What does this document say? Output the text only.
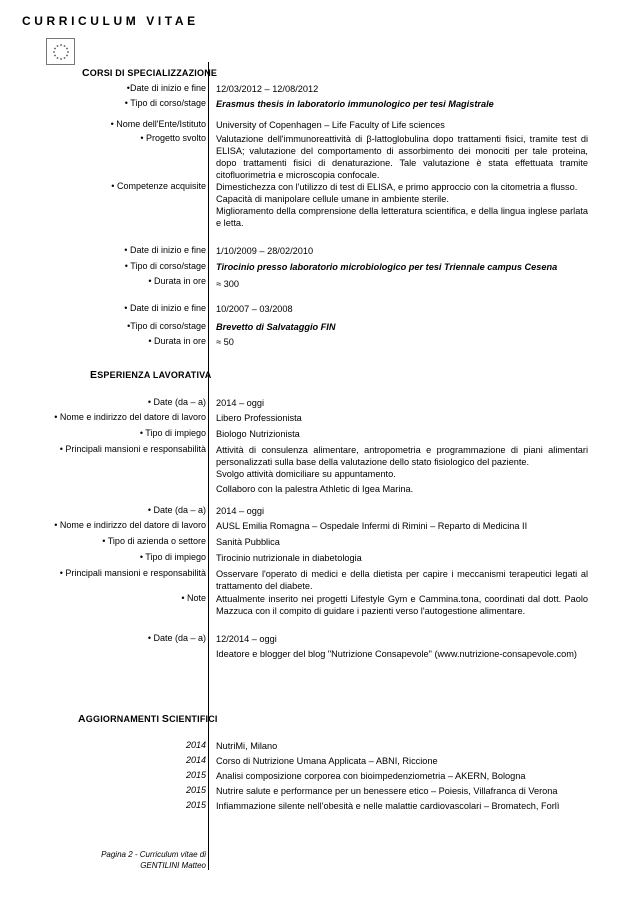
CURRICULUM VITAE
CORSI DI SPECIALIZZAZIONE
•Date di inizio e fine 12/03/2012 – 12/08/2012
• Tipo di corso/stage Erasmus thesis in laboratorio immunologico per tesi Magistrale
• Nome dell'Ente/Istituto University of Copenhagen – Life Faculty of Life sciences
• Progetto svolto Valutazione dell'immunoreattività di β-lattoglobulina dopo trattamenti fisici, tramite test di ELISA; valutazione del comportamento di assorbimento dei monociti per tale proteina, dopo trattamenti fisici di denaturazione. Tale valutazione è stata effettuata tramite citofluorimetria e microscopia confocale.
• Competenze acquisite Dimestichezza con l'utilizzo di test di ELISA, e primo approccio con la citometria a flusso.
Capacità di manipolare cellule umane in ambiente sterile.
Miglioramento della comprensione della letteratura scientifica, e della lingua inglese parlata e letta.
• Date di inizio e fine 1/10/2009 – 28/02/2010
• Tipo di corso/stage Tirocinio presso laboratorio microbiologico per tesi Triennale campus Cesena
• Durata in ore ≈ 300
• Date di inizio e fine 10/2007 – 03/2008
•Tipo di corso/stage Brevetto di Salvataggio FIN
• Durata in ore ≈ 50
ESPERIENZA LAVORATIVA
• Date (da – a) 2014 – oggi
• Nome e indirizzo del datore di lavoro Libero Professionista
• Tipo di impiego Biologo Nutrizionista
• Principali mansioni e responsabilità Attività di consulenza alimentare, antropometria e programmazione di piani alimentari personalizzati sulla base della valutazione dello stato fisiologico del paziente.
Svolgo attività domiciliare su appuntamento.
Collaboro con la palestra Athletic di Igea Marina.
• Date (da – a) 2014 – oggi
• Nome e indirizzo del datore di lavoro AUSL Emilia Romagna – Ospedale Infermi di Rimini – Reparto di Medicina II
• Tipo di azienda o settore Sanità Pubblica
• Tipo di impiego Tirocinio nutrizionale in diabetologia
• Principali mansioni e responsabilità Osservare l'operato di medici e della dietista per capire i meccanismi terapeutici legati al trattamento del diabete.
• Note Attualmente inserito nei progetti Lifestyle Gym e Cammina.tona, coordinati dal dott. Paolo Mazzuca con il compito di guidare i pazienti verso l'autogestione alimentare.
• Date (da – a) 12/2014 – oggi
Ideatore e blogger del blog "Nutrizione Consapevole" (www.nutrizione-consapevole.com)
AGGIORNAMENTI SCIENTIFICI
2014 NutriMi, Milano
2014 Corso di Nutrizione Umana Applicata – ABNI, Riccione
2015 Analisi composizione corporea con bioimpedenziometria – AKERN, Bologna
2015 Nutrire salute e performance per un benessere etico – Poiesis, Villafranca di Verona
2015 Infiammazione silente nell'obesità e nelle malattie cardiovascolari – Bromatech, Forlì
Pagina 2 - Curriculum vitae di
GENTILINI Matteo
